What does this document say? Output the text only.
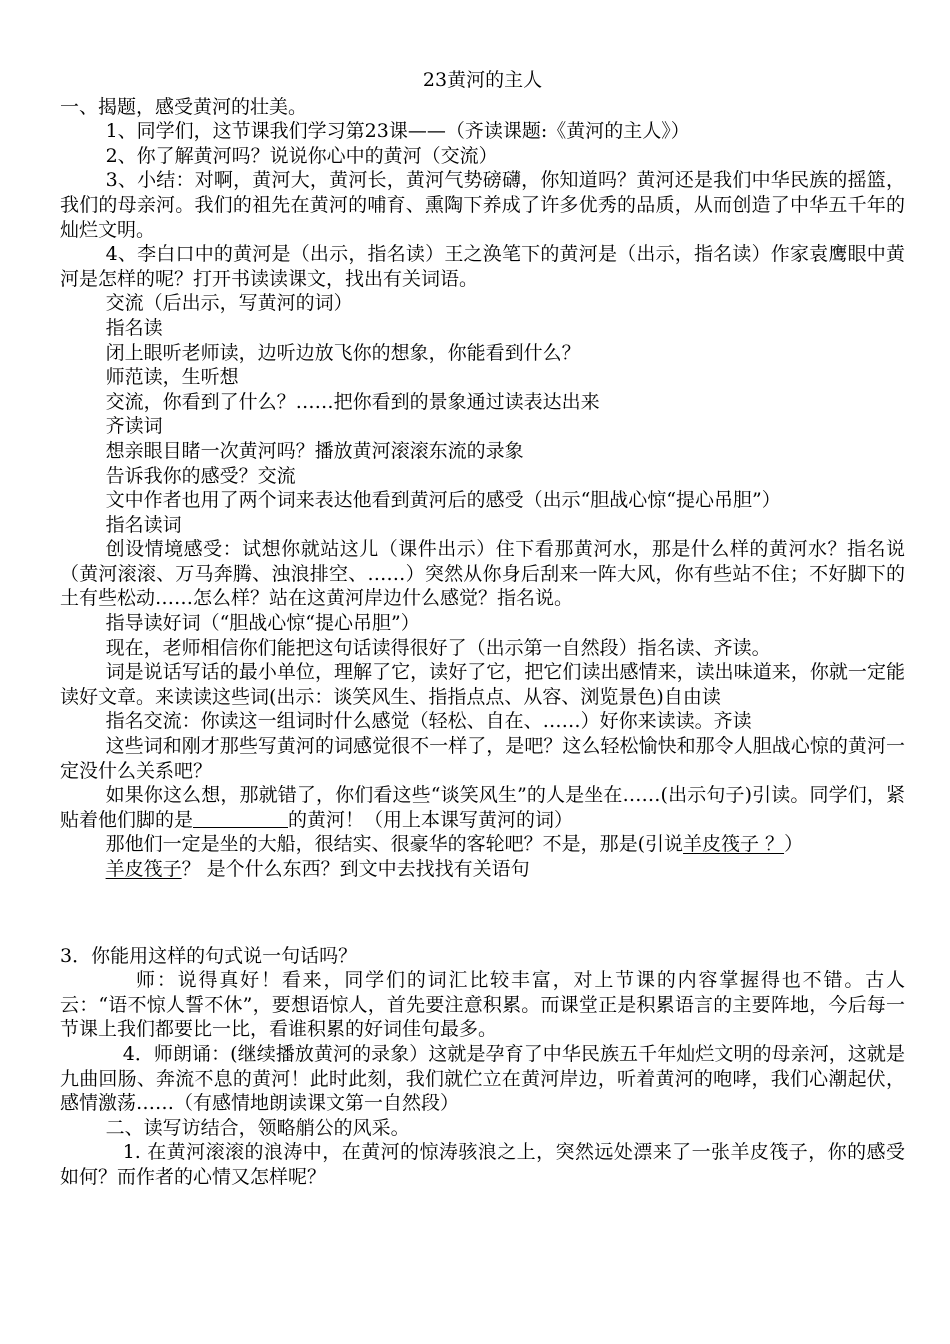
23黄河的主人

一、揭题，感受黄河的壮美。

1、同学们，这节课我们学习第23课——（齐读课题:《黄河的主人》）

2、你了解黄河吗？说说你心中的黄河（交流）

3、小结：对啊，黄河大，黄河长，黄河气势磅礴，你知道吗？黄河还是我们中华民族的摇篮，我们的母亲河。我们的祖先在黄河的哺育、熏陶下养成了许多优秀的品质，从而创造了中华五千年的灿烂文明。

4、李白口中的黄河是（出示，指名读）王之涣笔下的黄河是（出示，指名读）作家袁鹰眼中黄河是怎样的呢？打开书读读课文，找出有关词语。

交流（后出示，写黄河的词）

指名读

闭上眼听老师读，边听边放飞你的想象，你能看到什么？

师范读，生听想

交流，你看到了什么？……把你看到的景象通过读表达出来

齐读词

想亲眼目睹一次黄河吗？播放黄河滚滚东流的录象

告诉我你的感受？交流

文中作者也用了两个词来表达他看到黄河后的感受（出示“胆战心惊“提心吊胆”）

指名读词

创设情境感受：试想你就站这儿（课件出示）住下看那黄河水，那是什么样的黄河水？指名说（黄河滚滚、万马奔腾、浊浪排空、……）突然从你身后刮来一阵大风，你有些站不住；不好脚下的土有些松动……怎么样？站在这黄河岸边什么感觉？指名说。

指导读好词（“胆战心惊“提心吊胆”）

现在，老师相信你们能把这句话读得很好了（出示第一自然段）指名读、齐读。

词是说话写话的最小单位，理解了它，读好了它，把它们读出感情来，读出味道来，你就一定能读好文章。来读读这些词(出示：谈笑风生、指指点点、从容、浏览景色)自由读

指名交流：你读这一组词时什么感觉（轻松、自在、……）好你来读读。齐读

这些词和刚才那些写黄河的词感觉很不一样了，是吧？这么轻松愉快和那令人胆战心惊的黄河一定没什么关系吧？

如果你这么想，那就错了，你们看这些“谈笑风生”的人是坐在……(出示句子)引读。同学们，紧贴着他们脚的是	的黄河！（用上本课写黄河的词）

那他们一定是坐的大船，很结实、很豪华的客轮吧？不是，那是(引说羊皮筏子 ？）

羊皮筏子？ 是个什么东西？到文中去找找有关语句

3．你能用这样的句式说一句话吗？

师：说得真好！看来，同学们的词汇比较丰富，对上节课的内容掌握得也不错。古人云：“语不惊人誓不休”，要想语惊人，首先要注意积累。而课堂正是积累语言的主要阵地，今后每一节课上我们都要比一比，看谁积累的好词佳句最多。

4．师朗诵：(继续播放黄河的录象）这就是孕育了中华民族五千年灿烂文明的母亲河，这就是九曲回肠、奔流不息的黄河！此时此刻，我们就伫立在黄河岸边，听着黄河的咆哮，我们心潮起伏，感情激荡……（有感情地朗读课文第一自然段）

二、读写访结合，领略艄公的风采。

1. 在黄河滚滚的浪涛中，在黄河的惊涛骇浪之上，突然远处漂来了一张羊皮筏子，你的感受如何？而作者的心情又怎样呢？
